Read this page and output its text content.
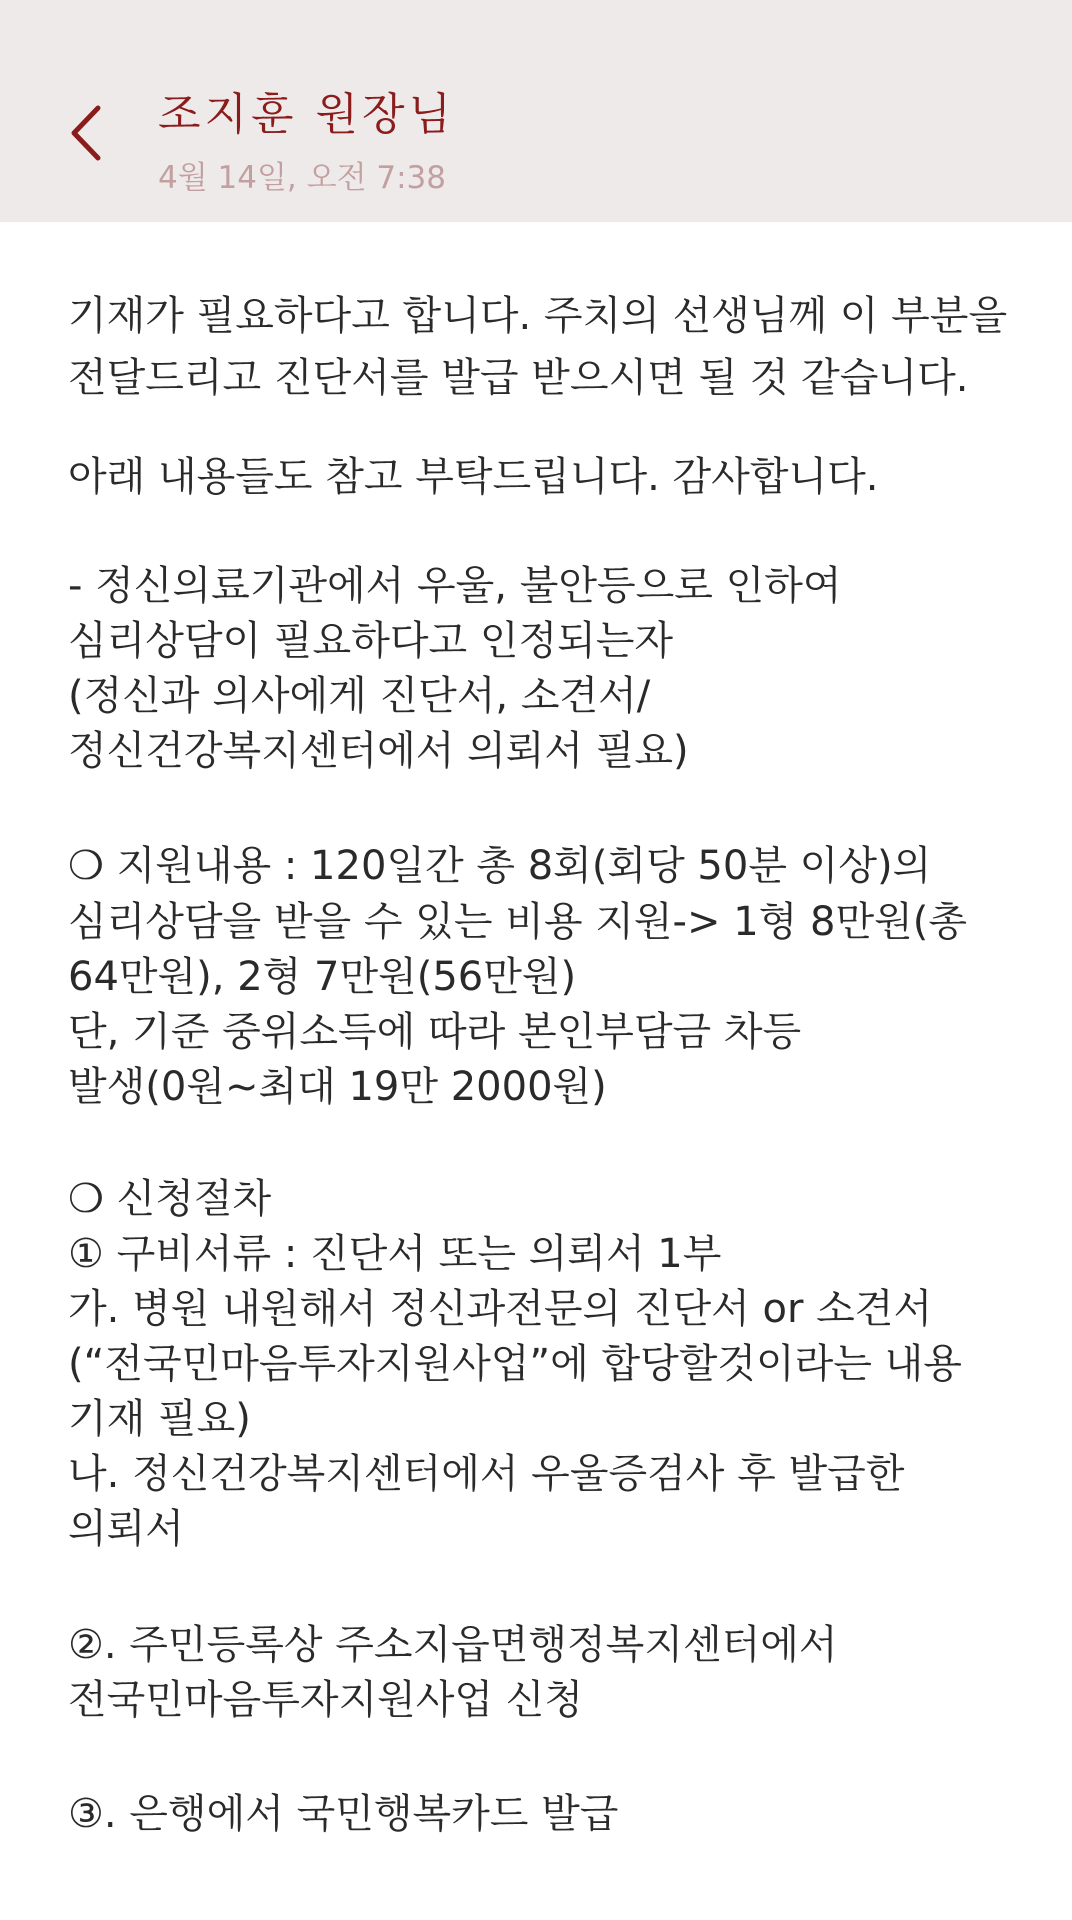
조지훈 원장님
4월 14일, 오전 7:38
기재가 필요하다고 합니다. 주치의 선생님께 이 부분을
전달드리고 진단서를 발급 받으시면 될 것 같습니다.
아래 내용들도 참고 부탁드립니다. 감사합니다.
- 정신의료기관에서 우울, 불안등으로 인하여
심리상담이 필요하다고 인정되는자
(정신과 의사에게 진단서, 소견서/
정신건강복지센터에서 의뢰서 필요)
❍ 지원내용 : 120일간 총 8회(회당 50분 이상)의
심리상담을 받을 수 있는 비용 지원-> 1형 8만원(총
64만원), 2형 7만원(56만원)
단, 기준 중위소득에 따라 본인부담금 차등
발생(0원~최대 19만 2000원)
❍ 신청절차
① 구비서류 : 진단서 또는 의뢰서 1부
가. 병원 내원해서 정신과전문의 진단서 or 소견서
(“전국민마음투자지원사업”에 합당할것이라는 내용
기재 필요)
나. 정신건강복지센터에서 우울증검사 후 발급한
의뢰서
②. 주민등록상 주소지읍면행정복지센터에서
전국민마음투자지원사업 신청
③. 은행에서 국민행복카드 발급
